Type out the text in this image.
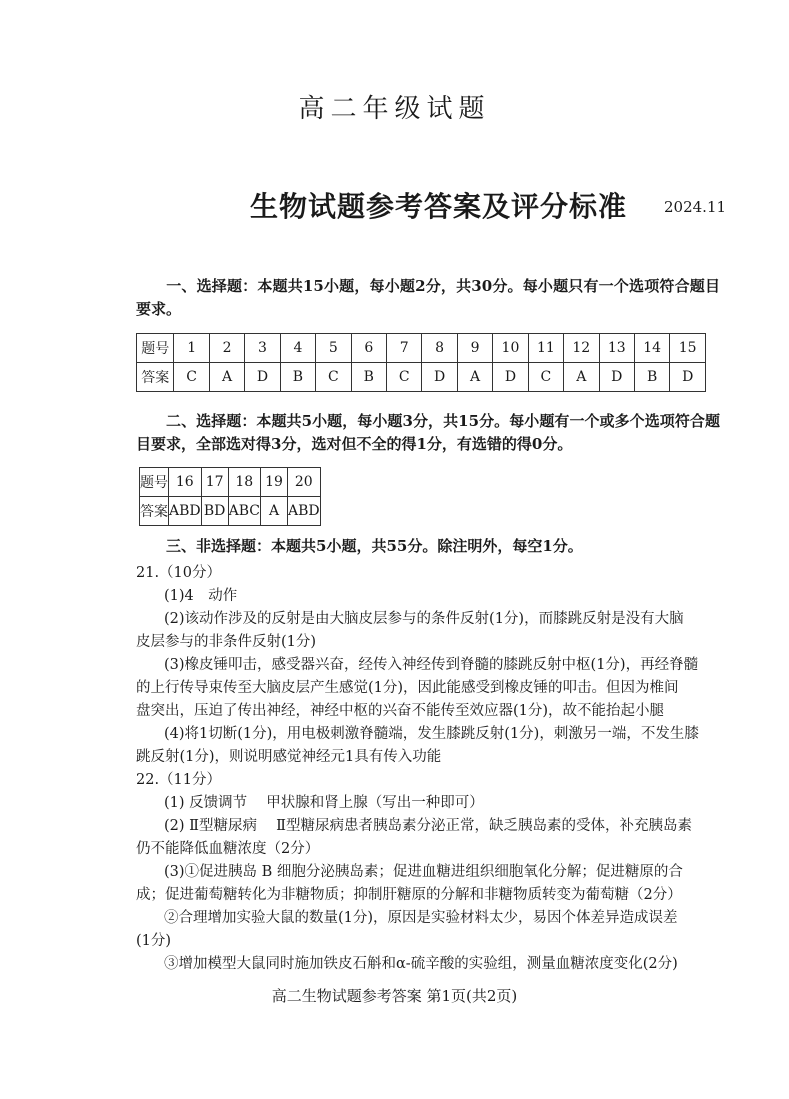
高二年级试题
生物试题参考答案及评分标准 2024.11
一、选择题：本题共15小题，每小题2分，共30分。每小题只有一个选项符合题目要求。
题号	1	2	3	4	5	6	7	8	9	10	11	12	13	14	15
答案	C	A	D	B	C	B	C	D	A	D	C	A	D	B	D
二、选择题：本题共5小题，每小题3分，共15分。每小题有一个或多个选项符合题目要求，全部选对得3分，选对但不全的得1分，有选错的得0分。
题号	16	17	18	19	20
答案	ABD	BD	ABC	A	ABD
三、非选择题：本题共5小题，共55分。除注明外，每空1分。
21.（10分）
(1)4　动作
(2)该动作涉及的反射是由大脑皮层参与的条件反射(1分)，而膝跳反射是没有大脑
皮层参与的非条件反射(1分)
(3)橡皮锤叩击，感受器兴奋，经传入神经传到脊髓的膝跳反射中枢(1分)，再经脊髓
的上行传导束传至大脑皮层产生感觉(1分)，因此能感受到橡皮锤的叩击。但因为椎间
盘突出，压迫了传出神经，神经中枢的兴奋不能传至效应器(1分)，故不能抬起小腿
(4)将1切断(1分)，用电极刺激脊髓端，发生膝跳反射(1分)，刺激另一端，不发生膝
跳反射(1分)，则说明感觉神经元1具有传入功能
22.（11分）
(1) 反馈调节　 甲状腺和肾上腺（写出一种即可）
(2) Ⅱ型糖尿病　 Ⅱ型糖尿病患者胰岛素分泌正常，缺乏胰岛素的受体，补充胰岛素
仍不能降低血糖浓度（2分）
(3)①促进胰岛 B 细胞分泌胰岛素；促进血糖进组织细胞氧化分解；促进糖原的合
成；促进葡萄糖转化为非糖物质；抑制肝糖原的分解和非糖物质转变为葡萄糖（2分）
②合理增加实验大鼠的数量(1分)，原因是实验材料太少，易因个体差异造成误差
(1分)
③增加模型大鼠同时施加铁皮石斛和α-硫辛酸的实验组，测量血糖浓度变化(2分)
高二生物试题参考答案 第1页(共2页)
